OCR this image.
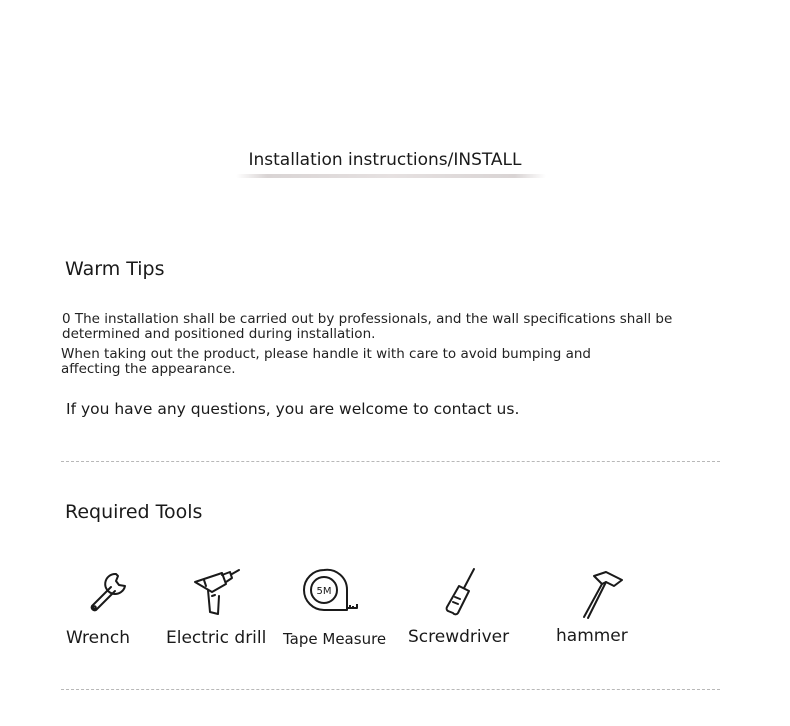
Installation instructions/INSTALL
Warm Tips
0 The installation shall be carried out by professionals, and the wall specifications shall be
determined and positioned during installation.
When taking out the product, please handle it with care to avoid bumping and
affecting the appearance.
If you have any questions, you are welcome to contact us.
Required Tools
Wrench Electric drill
5M
Tape Measure Screwdriver	hammer
